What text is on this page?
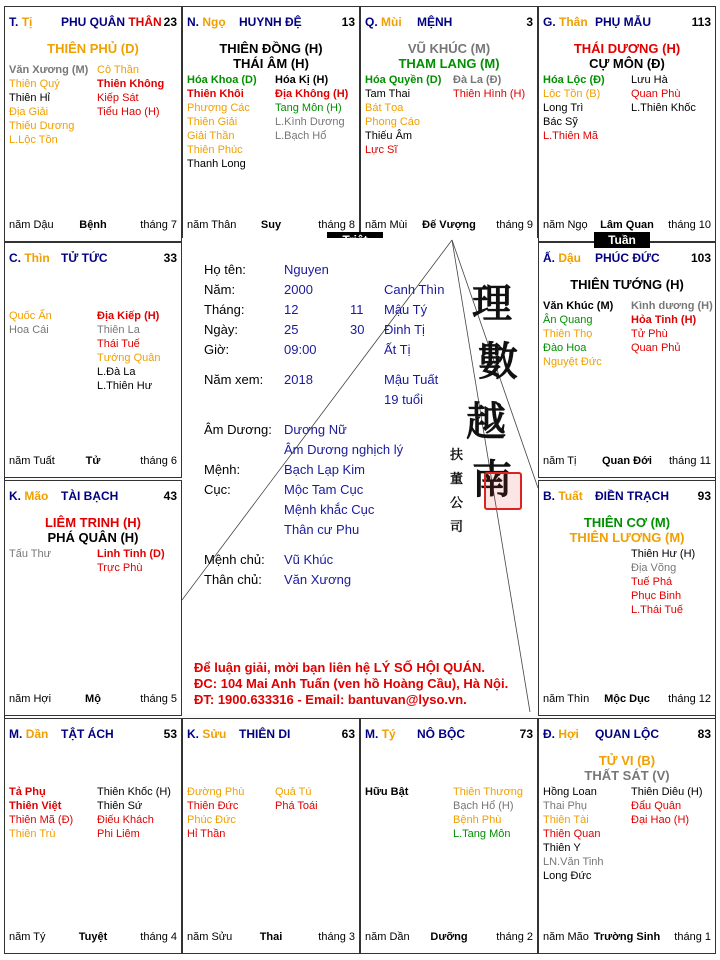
T. Tị PHU QUÂN THÂN 23
THIÊN PHỦ (D)
Văn Xương (M)
Thiên Quý
Thiên Hỉ
Địa Giải
Thiếu Dương
L.Lộc Tồn
Cô Thần
Thiên Không
Kiếp Sát
Tiểu Hao (H)
năm Dậu	Bệnh	tháng 7
N. Ngọ HUYNH ĐỆ	13
THIÊN ĐỒNG (H)
THÁI ÂM (H)
Hóa Khoa (D)
Thiên Khôi
Phượng Các
Thiên Giải
Giải Thần
Thiên Phúc
Thanh Long
Hóa Kị (H)
Địa Không (H)
Tang Môn (H)
L.Kình Dương
L.Bạch Hổ
năm Thân	Suy	tháng 8
Q. Mùi MỆNH	3
VŨ KHÚC (M)
THAM LANG (M)
Hóa Quyền (D)
Tam Thai
Bát Tọa
Phong Cáo
Thiếu Âm
Lực Sĩ
Đà La (Đ)
Thiên Hình (H)
năm Mùi	Đế Vượng	tháng 9
G. Thân PHỤ MẪU	113
THÁI DƯƠNG (H)
CỰ MÔN (Đ)
Hóa Lộc (Đ)
Lộc Tồn (B)
Long Trì
Bác Sỹ
L.Thiên Mã
Lưu Hà
Quan Phù
L.Thiên Khốc
năm Ngọ	Lâm Quan	tháng 10
C. Thìn TỬ TỨC	33
Quốc Ấn
Hoa Cái
Địa Kiếp (H)
Thiên La
Thái Tuế
Tướng Quân
L.Đà La
L.Thiên Hư
năm Tuất	Tử	tháng 6
Ấ. Dậu PHÚC ĐỨC	103
THIÊN TƯỚNG (H)
Văn Khúc (M)
Ân Quang
Thiên Thọ
Đào Hoa
Nguyệt Đức
Kình dương (H)
Hỏa Tinh (H)
Tử Phù
Quan Phủ
năm Tị	Quan Đới	tháng 11
K. Mão TÀI BẠCH	43
LIÊM TRINH (H)
PHÁ QUÂN (H)
Tấu Thư	Linh Tinh (D)
Trực Phù
năm Hợi	Mộ	tháng 5
B. Tuất ĐIỀN TRẠCH 93
THIÊN CƠ (M)
THIÊN LƯƠNG (M)
Thiên Hư (H)
Địa Võng
Tuế Phá
Phục Binh
L.Thái Tuế
năm Thìn	Mộc Dục	tháng 12
M. Dần TẬT ÁCH	53
Tả Phụ
Thiên Việt
Thiên Mã (Đ)
Thiên Trù
Thiên Khốc (H)
Thiên Sứ
Điếu Khách
Phi Liêm
năm Tý	Tuyệt	tháng 4
K. Sửu THIÊN DI	63
Đường Phù
Thiên Đức
Phúc Đức
Hỉ Thần
Quả Tú
Phá Toái
năm Sửu	Thai	tháng 3
M. Tý NÔ BỘC	73
Hữu Bật	Thiên Thương
Bạch Hổ (H)
Bệnh Phù
L.Tang Môn
năm Dần	Dưỡng	tháng 2
Đ. Hợi QUAN LỘC	83
TỬ VI (B)
THẤT SÁT (V)
Hồng Loan
Thai Phụ
Thiên Tài
Thiên Quan
Thiên Y
LN.Văn Tinh
Long Đức
Thiên Diêu (H)
Đẩu Quân
Đại Hao (H)
năm Mão Trường Sinh	tháng 1
Tuần
Họ tên:	Nguyen
Năm:	2000	Canh Thìn
Tháng:	12	11 Mậu Tý
Ngày:	25	30 Đinh Tị
Giờ:	09:00	Ất Tị
Năm xem: 2018	Mậu Tuất
19 tuổi
Âm Dương: Dương Nữ
Âm Dương nghịch lý
Mệnh:	Bạch Lạp Kim
Cục:	Mộc Tam Cục
Mệnh khắc Cục
Thân cư Phu
Mệnh chủ: Vũ Khúc
Thân chủ: Văn Xương
理
數
越
南
扶
董
公
司
Để luận giải, mời bạn liên hệ LÝ SỐ HỘI QUÁN.
ĐC: 104 Mai Anh Tuấn (ven hồ Hoàng Cầu), Hà Nội.
ĐT: 1900.633316 - Email: bantuvan@lyso.vn.
